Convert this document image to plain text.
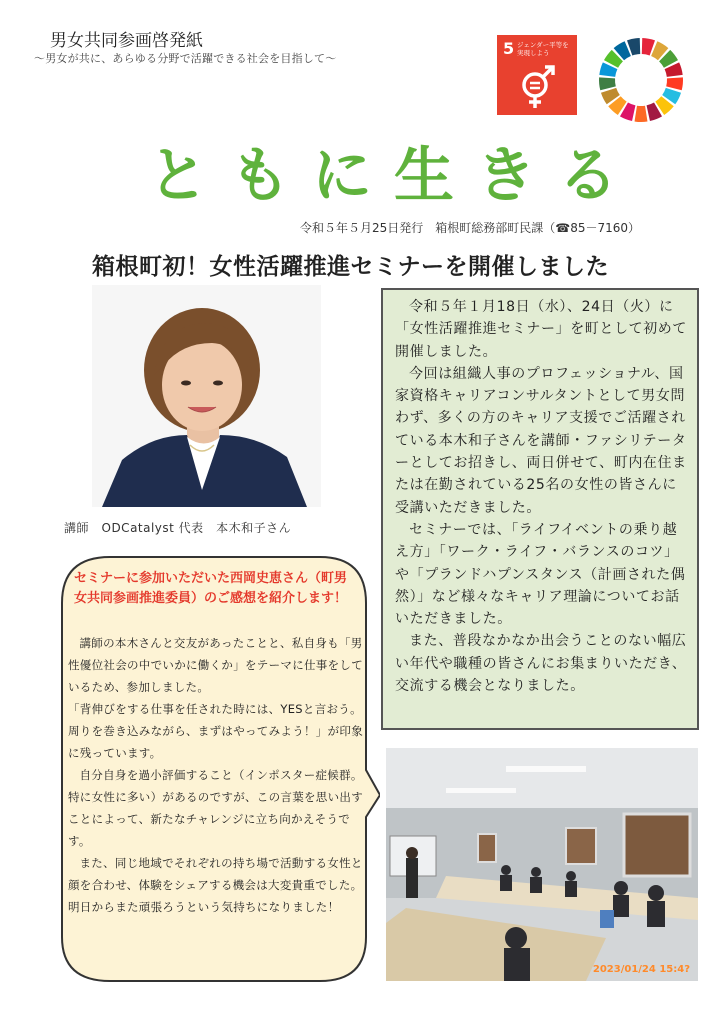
男女共同参画啓発紙
～男女が共に、あらゆる分野で活躍できる社会を目指して～
5 ジェンダー平等を実現しよう
ともに生きる
令和５年５月25日発行　箱根町総務部町民課（☎85－7160）
箱根町初！女性活躍推進セミナーを開催しました
講師　ODCatalyst 代表　本木和子さん

令和５年１月18日（水）、24日（火）に「女性活躍推進セミナー」を町として初めて開催しました。

今回は組織人事のプロフェッショナル、国家資格キャリアコンサルタントとして男女問わず、多くの方のキャリア支援でご活躍されている本木和子さんを講師・ファシリテーターとしてお招きし、両日併せて、町内在住または在勤されている25名の女性の皆さんに受講いただきました。

セミナーでは、「ライフイベントの乗り越え方」「ワーク・ライフ・バランスのコツ」や「プランドハプンスタンス（計画された偶然）」など様々なキャリア理論についてお話いただきました。

また、普段なかなか出会うことのない幅広い年代や職種の皆さんにお集まりいただき、交流する機会となりました。

セミナーに参加いただいた西岡史恵さん（町男女共同参画推進委員）のご感想を紹介します！

講師の本木さんと交友があったことと、私自身も「男性優位社会の中でいかに働くか」をテーマに仕事をしているため、参加しました。

「背伸びをする仕事を任された時には、YESと言おう。周りを巻き込みながら、まずはやってみよう！」が印象に残っています。

自分自身を過小評価すること（インポスター症候群。特に女性に多い）があるのですが、この言葉を思い出すことによって、新たなチャレンジに立ち向かえそうです。

また、同じ地域でそれぞれの持ち場で活動する女性と顔を合わせ、体験をシェアする機会は大変貴重でした。明日からまた頑張ろうという気持ちになりました！

2023/01/24 15:4?
